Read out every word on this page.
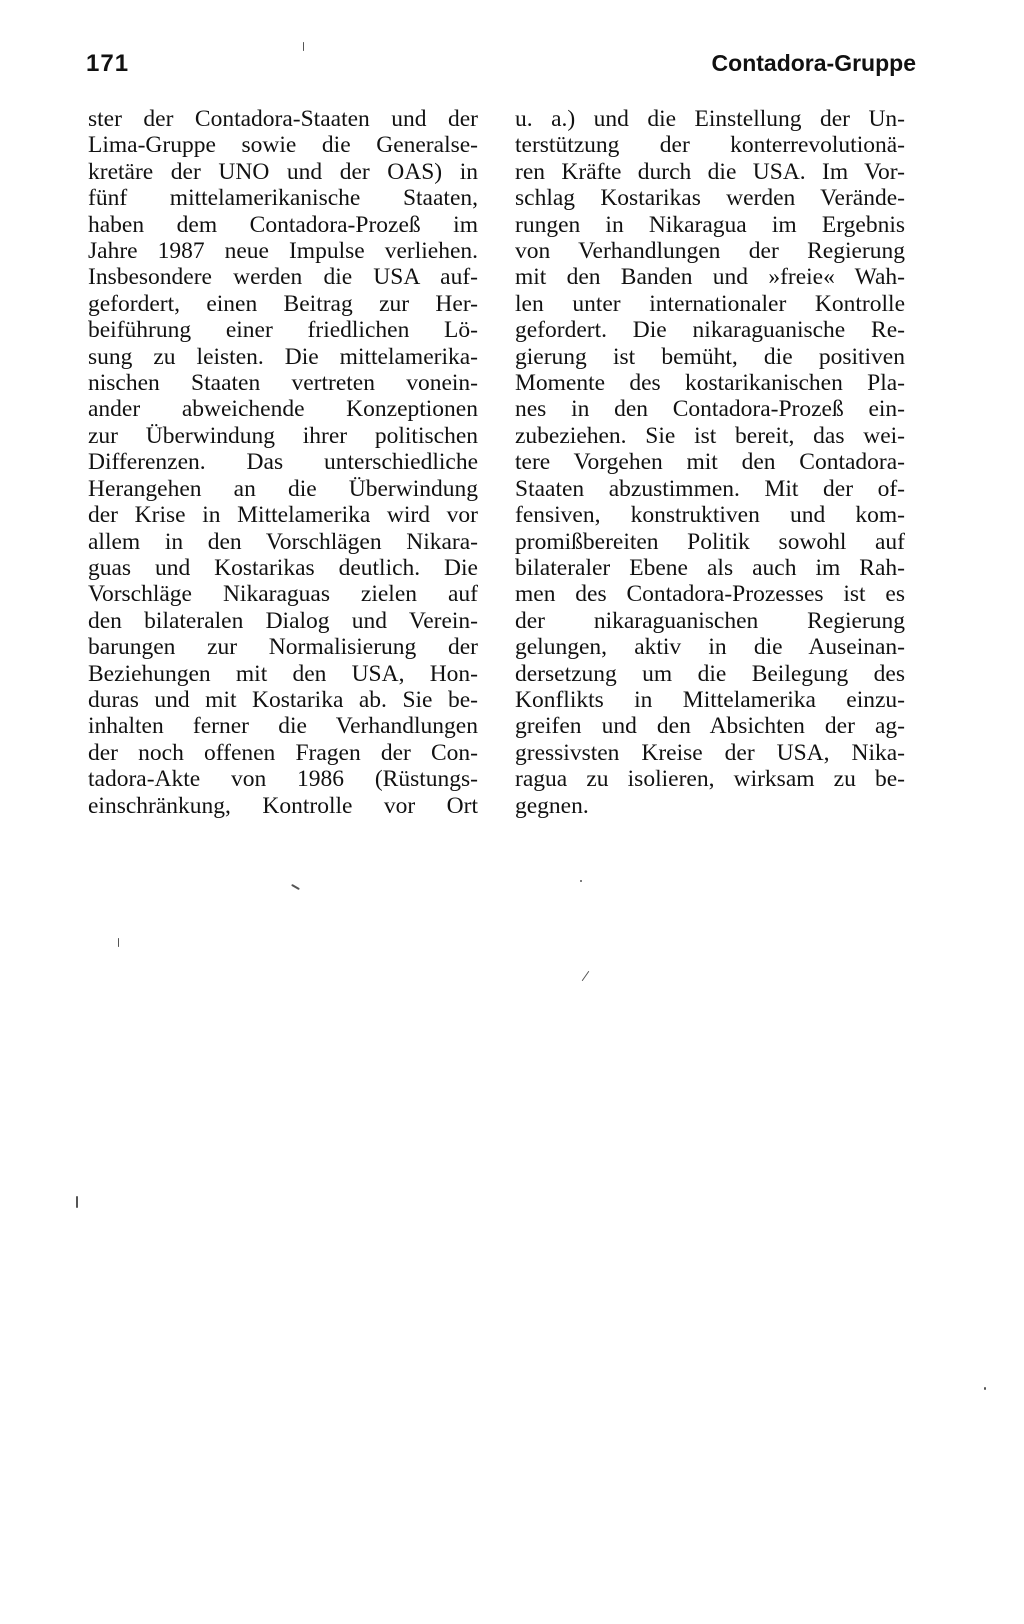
171	Contadora-Gruppe
ster der Contadora-Staaten und der
Lima-Gruppe sowie die Generalse-
kretäre der UNO und der OAS) in
fünf mittelamerikanische Staaten,
haben dem Contadora-Prozeß im
Jahre 1987 neue Impulse verliehen.
Insbesondere werden die USA auf-
gefordert, einen Beitrag zur Her-
beiführung einer friedlichen Lö-
sung zu leisten. Die mittelamerika-
nischen Staaten vertreten vonein-
ander abweichende Konzeptionen
zur Überwindung ihrer politischen
Differenzen. Das unterschiedliche
Herangehen an die Überwindung
der Krise in Mittelamerika wird vor
allem in den Vorschlägen Nikara-
guas und Kostarikas deutlich. Die
Vorschläge Nikaraguas zielen auf
den bilateralen Dialog und Verein-
barungen zur Normalisierung der
Beziehungen mit den USA, Hon-
duras und mit Kostarika ab. Sie be-
inhalten ferner die Verhandlungen
der noch offenen Fragen der Con-
tadora-Akte von 1986 (Rüstungs-
einschränkung, Kontrolle vor Ort
u. a.) und die Einstellung der Un-
terstützung der konterrevolutionä-
ren Kräfte durch die USA. Im Vor-
schlag Kostarikas werden Verände-
rungen in Nikaragua im Ergebnis
von Verhandlungen der Regierung
mit den Banden und »freie« Wah-
len unter internationaler Kontrolle
gefordert. Die nikaraguanische Re-
gierung ist bemüht, die positiven
Momente des kostarikanischen Pla-
nes in den Contadora-Prozeß ein-
zubeziehen. Sie ist bereit, das wei-
tere Vorgehen mit den Contadora-
Staaten abzustimmen. Mit der of-
fensiven, konstruktiven und kom-
promißbereiten Politik sowohl auf
bilateraler Ebene als auch im Rah-
men des Contadora-Prozesses ist es
der nikaraguanischen Regierung
gelungen, aktiv in die Auseinan-
dersetzung um die Beilegung des
Konflikts in Mittelamerika einzu-
greifen und den Absichten der ag-
gressivsten Kreise der USA, Nika-
ragua zu isolieren, wirksam zu be-
gegnen.
